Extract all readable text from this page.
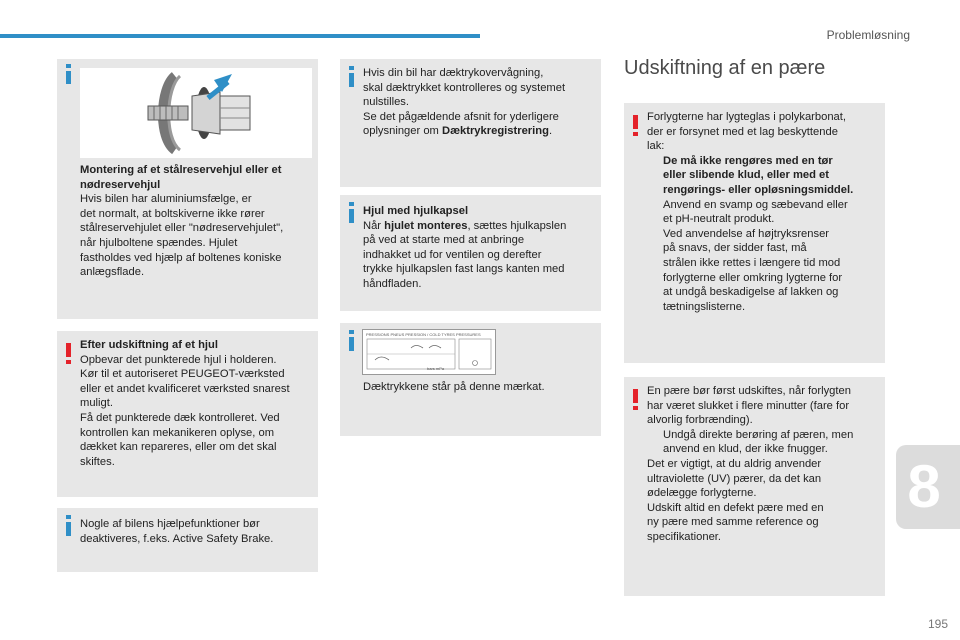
Problemløsning
Montering af et stålreservehjul eller et
nødreservehjul
Hvis bilen har aluminiumsfælge, er
det normalt, at boltskiverne ikke rører
stålreservehjulet eller "nødreservehjulet",
når hjulboltene spændes. Hjulet
fastholdes ved hjælp af boltenes koniske
anlægsflade.
Efter udskiftning af et hjul
Opbevar det punkterede hjul i holderen.
Kør til et autoriseret PEUGEOT-værksted
eller et andet kvalificeret værksted snarest
muligt.
Få det punkterede dæk kontrolleret. Ved
kontrollen kan mekanikeren oplyse, om
dækket kan repareres, eller om det skal
skiftes.
Nogle af bilens hjælpefunktioner bør
deaktiveres, f.eks. Active Safety Brake.
Hvis din bil har dæktrykovervågning,
skal dæktrykket kontrolleres og systemet
nulstilles.
Se det pågældende afsnit for yderligere
oplysninger om Dæktrykregistrering.
Hjul med hjulkapsel
Når hjulet monteres, sættes hjulkapslen
på ved at starte med at anbringe
indhakket ud for ventilen og derefter
trykke hjulkapslen fast langs kanten med
håndfladen.
PRESSIONS PNEUS PRESSION / COLD TYRES PRESSURES
bars mPa
Dæktrykkene står på denne mærkat.
Udskiftning af en pære
Forlygterne har lygteglas i polykarbonat,
der er forsynet med et lag beskyttende
lak:
De må ikke rengøres med en tør
eller slibende klud, eller med et
rengørings- eller opløsningsmiddel.
Anvend en svamp og sæbevand eller
et pH-neutralt produkt.
Ved anvendelse af højtryksrenser
på snavs, der sidder fast, må
strålen ikke rettes i længere tid mod
forlygterne eller omkring lygterne for
at undgå beskadigelse af lakken og
tætningslisterne.
En pære bør først udskiftes, når forlygten
har været slukket i flere minutter (fare for
alvorlig forbrænding).
Undgå direkte berøring af pæren, men
anvend en klud, der ikke fnugger.
Det er vigtigt, at du aldrig anvender
ultraviolette (UV) pærer, da det kan
ødelægge forlygterne.
Udskift altid en defekt pære med en
ny pære med samme reference og
specifikationer.
8
195
